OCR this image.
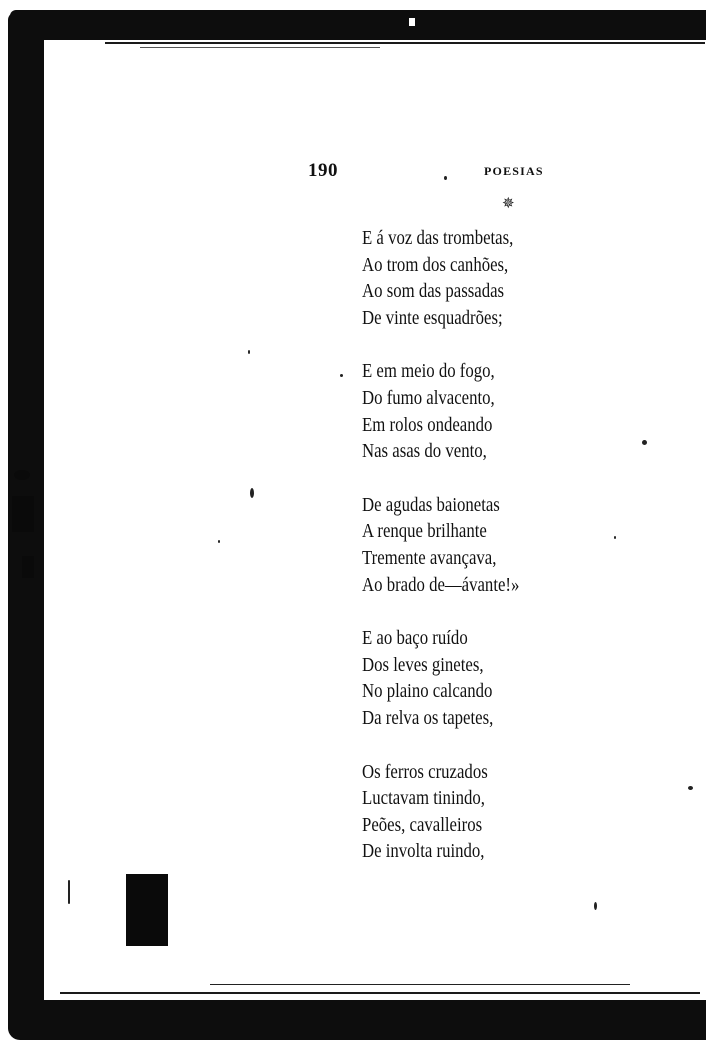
190	POESIAS
✵
E á voz das trombetas,
Ao trom dos canhões,
Ao som das passadas
De vinte esquadrões;
E em meio do fogo,
Do fumo alvacento,
Em rolos ondeando
Nas asas do vento,
De agudas baionetas
A renque brilhante
Tremente avançava,
Ao brado de—ávante!»
E ao baço ruído
Dos leves ginetes,
No plaino calcando
Da relva os tapetes,
Os ferros cruzados
Luctavam tinindo,
Peões, cavalleiros
De involta ruindo,
